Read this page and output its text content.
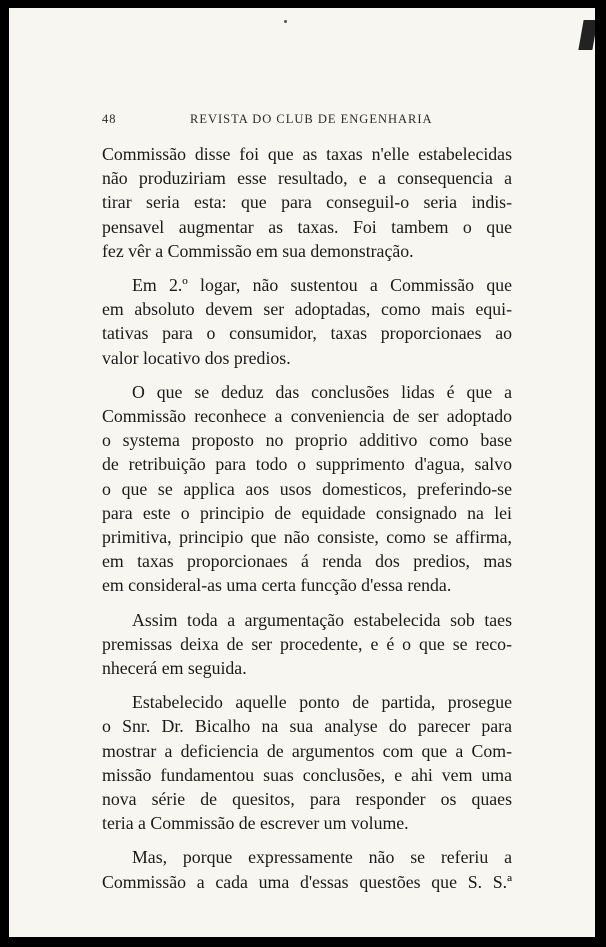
48	REVISTA DO CLUB DE ENGENHARIA
Commissão disse foi que as taxas n'elle estabelecidas
não produziriam esse resultado, e a consequencia a
tirar seria esta: que para conseguil-o seria indis-
pensavel augmentar as taxas. Foi tambem o que
fez vêr a Commissão em sua demonstração.
Em 2.º logar, não sustentou a Commissão que
em absoluto devem ser adoptadas, como mais equi-
tativas para o consumidor, taxas proporcionaes ao
valor locativo dos predios.
O que se deduz das conclusões lidas é que a
Commissão reconhece a conveniencia de ser adoptado
o systema proposto no proprio additivo como base
de retribuição para todo o supprimento d'agua, salvo
o que se applica aos usos domesticos, preferindo-se
para este o principio de equidade consignado na lei
primitiva, principio que não consiste, como se affirma,
em taxas proporcionaes á renda dos predios, mas
em consideral-as uma certa funcção d'essa renda.
Assim toda a argumentação estabelecida sob taes
premissas deixa de ser procedente, e é o que se reco-
nhecerá em seguida.
Estabelecido aquelle ponto de partida, prosegue
o Snr. Dr. Bicalho na sua analyse do parecer para
mostrar a deficiencia de argumentos com que a Com-
missão fundamentou suas conclusões, e ahi vem uma
nova série de quesitos, para responder os quaes
teria a Commissão de escrever um volume.
Mas, porque expressamente não se referiu a
Commissão a cada uma d'essas questões que S. S.ª
